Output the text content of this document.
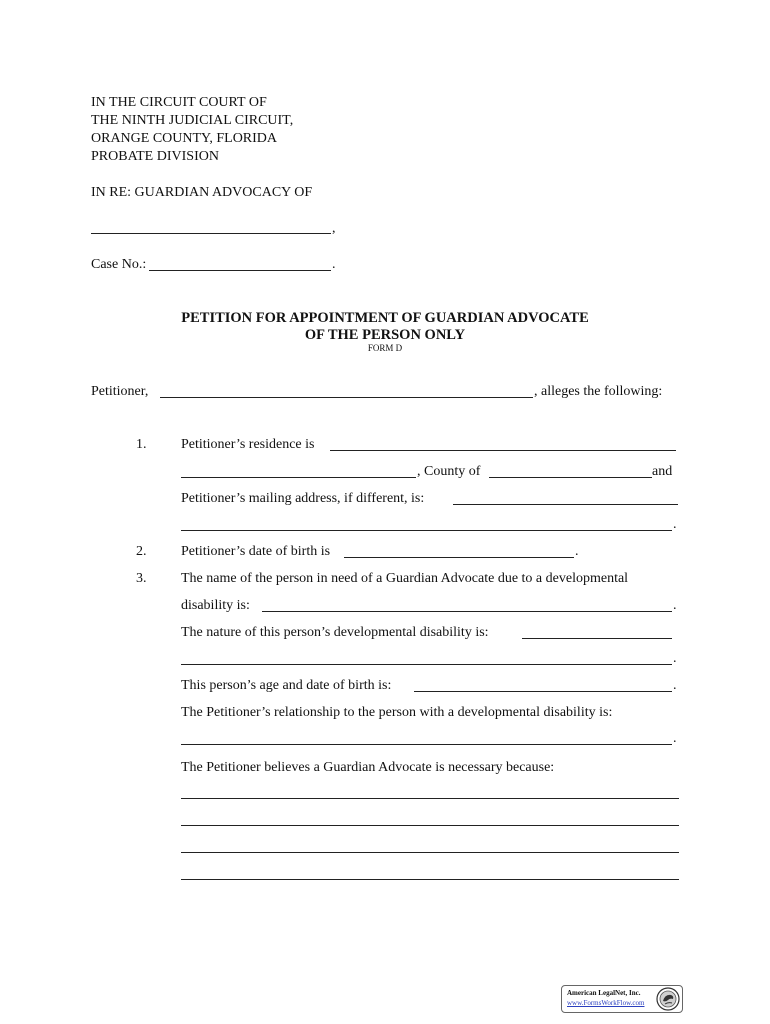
IN THE CIRCUIT COURT OF
THE NINTH JUDICIAL CIRCUIT,
ORANGE COUNTY, FLORIDA
PROBATE DIVISION
IN RE: GUARDIAN ADVOCACY OF
,
Case No.:	.
PETITION FOR APPOINTMENT OF GUARDIAN ADVOCATE
OF THE PERSON ONLY
FORM D
Petitioner,	, alleges the following:
1. Petitioner’s residence is
, County of	and
Petitioner’s mailing address, if different, is:
.
2. Petitioner’s date of birth is	.
3. The name of the person in need of a Guardian Advocate due to a developmental
disability is:	.
The nature of this person’s developmental disability is:
.
This person’s age and date of birth is:	.
The Petitioner’s relationship to the person with a developmental disability is:
.
The Petitioner believes a Guardian Advocate is necessary because:
American LegalNet, Inc.
www.FormsWorkFlow.com
